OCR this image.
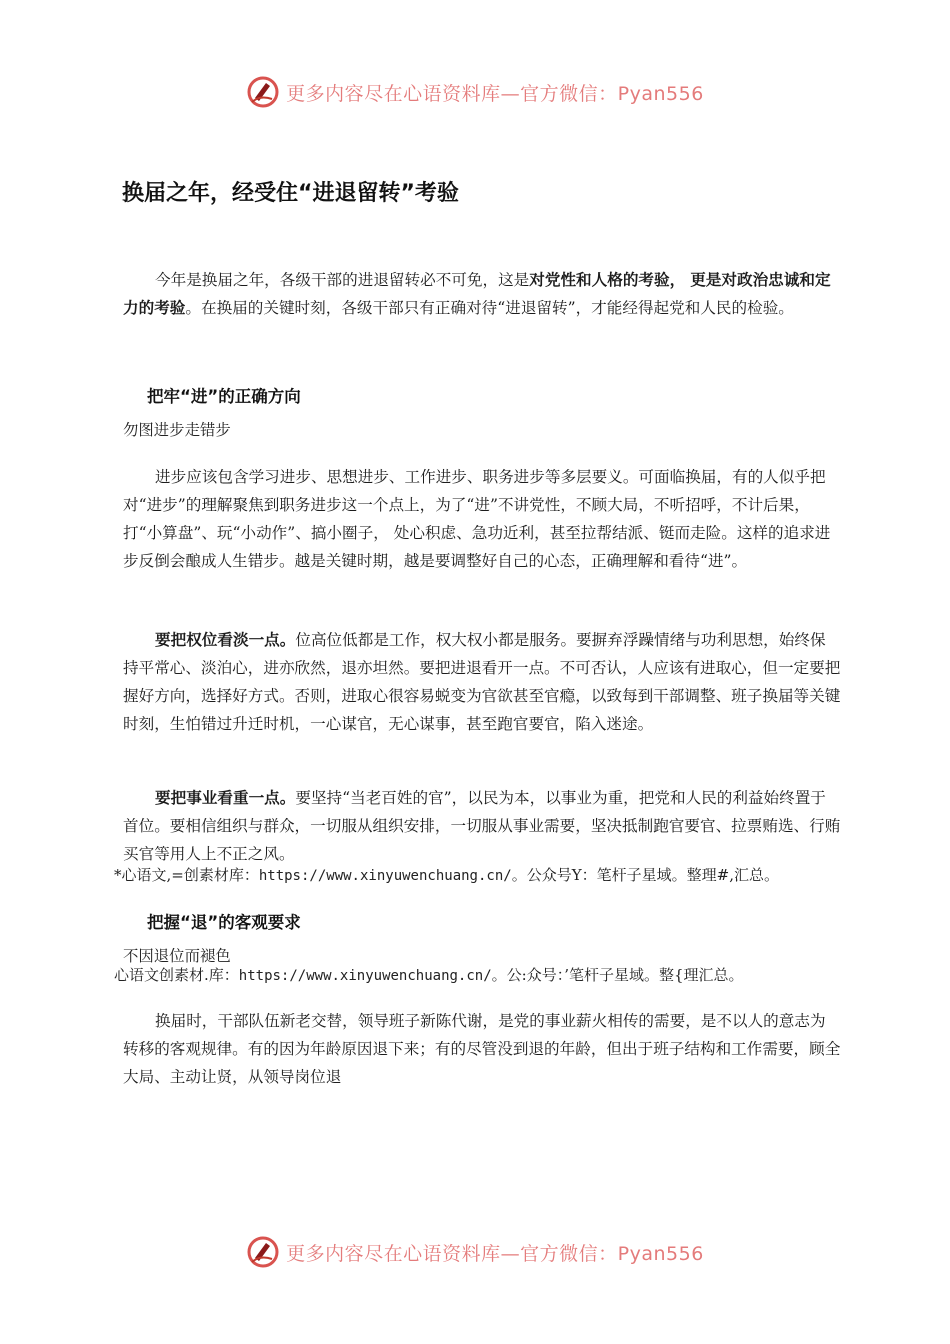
更多内容尽在心语资料库—官方微信：Pyan556
换届之年，经受住“进退留转”考验
今年是换届之年，各级干部的进退留转必不可免，这是对党性和人格的考验， 更是对政治忠诚和定力的考验。在换届的关键时刻，各级干部只有正确对待“进退留转”，才能经得起党和人民的检验。
把牢“进”的正确方向
勿图进步走错步
进步应该包含学习进步、思想进步、工作进步、职务进步等多层要义。可面临换届，有的人似乎把对“进步”的理解聚焦到职务进步这一个点上，为了“进”不讲党性，不顾大局，不听招呼，不计后果，打“小算盘”、玩“小动作”、搞小圈子， 处心积虑、急功近利，甚至拉帮结派、铤而走险。这样的追求进步反倒会酿成人生错步。越是关键时期，越是要调整好自己的心态，正确理解和看待“进”。
要把权位看淡一点。位高位低都是工作，权大权小都是服务。要摒弃浮躁情绪与功利思想，始终保持平常心、淡泊心，进亦欣然，退亦坦然。要把进退看开一点。不可否认，人应该有进取心，但一定要把握好方向，选择好方式。否则，进取心很容易蜕变为官欲甚至官瘾，以致每到干部调整、班子换届等关键时刻，生怕错过升迁时机，一心谋官，无心谋事，甚至跑官要官，陷入迷途。
要把事业看重一点。要坚持“当老百姓的官”，以民为本，以事业为重，把党和人民的利益始终置于首位。要相信组织与群众，一切服从组织安排，一切服从事业需要，坚决抵制跑官要官、拉票贿选、行贿买官等用人上不正之风。
*心语文,=创素材库：https://www.xinyuwenchuang.cn/。公众号Y：笔杆子星域。整理#,汇总。
把握“退”的客观要求
不因退位而褪色
心语文创素材.库：https://www.xinyuwenchuang.cn/。公:众号：’笔杆子星域。整{理汇总。
换届时，干部队伍新老交替，领导班子新陈代谢，是党的事业薪火相传的需要，是不以人的意志为转移的客观规律。有的因为年龄原因退下来；有的尽管没到退的年龄，但出于班子结构和工作需要，顾全大局、主动让贤，从领导岗位退
更多内容尽在心语资料库—官方微信：Pyan556
